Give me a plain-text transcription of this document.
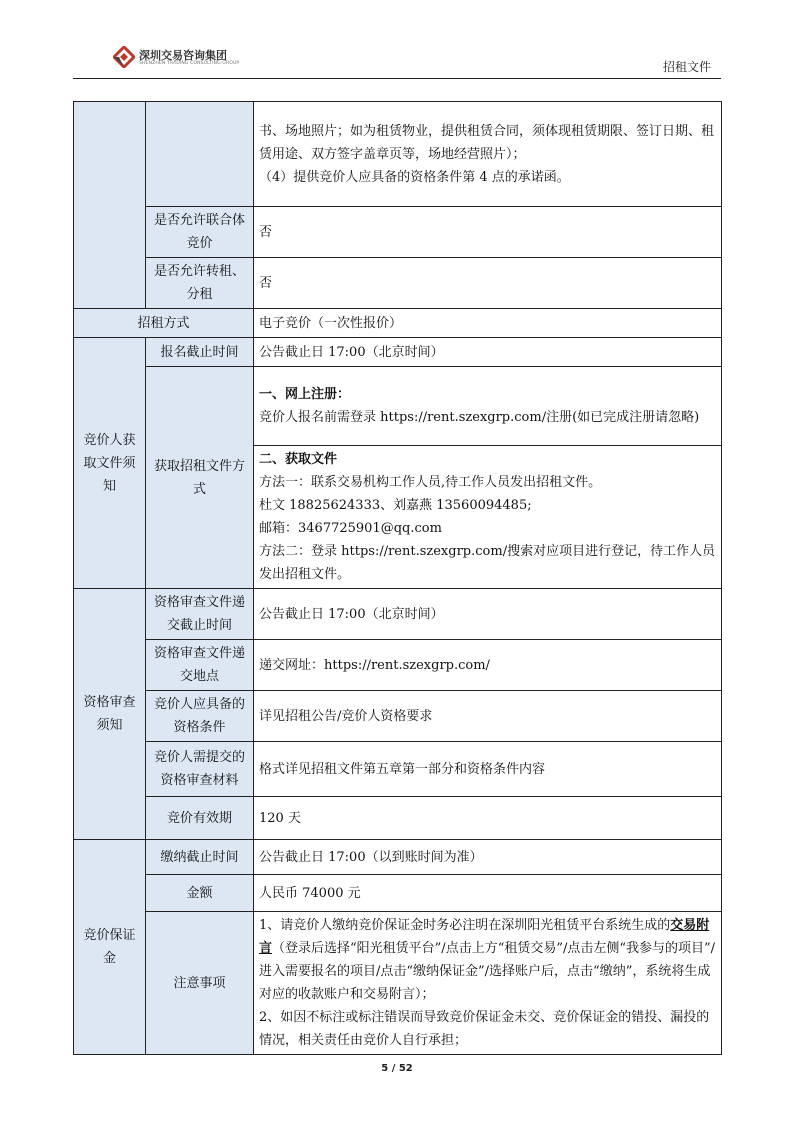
深圳交易咨询集团
SHENZHEN TRADING CONSULTING GROUP	招租文件

		书、场地照片；如为租赁物业，提供租赁合同，须体现租赁期限、签订日期、租赁用途、双方签字盖章页等，场地经营照片）；
（4）提供竞价人应具备的资格条件第 4 点的承诺函。

	是否允许联合体竞价	否
	是否允许转租、分租	否
招租方式		电子竞价（一次性报价）
竞价人获取文件须知	报名截止时间	公告截止日 17:00（北京时间）
	获取招租文件方式	一、网上注册：
竞价人报名前需登录 https://rent.szexgrp.com/注册(如已完成注册请忽略)

		二、获取文件
方法一：联系交易机构工作人员,待工作人员发出招租文件。
杜文 18825624333、刘嘉燕 13560094485;
邮箱：3467725901@qq.com
方法二：登录 https://rent.szexgrp.com/搜索对应项目进行登记，待工作人员发出招租文件。

资格审查须知	资格审查文件递交截止时间	公告截止日 17:00（北京时间）
	资格审查文件递交地点	递交网址：https://rent.szexgrp.com/
	竞价人应具备的资格条件	详见招租公告/竞价人资格要求
	竞价人需提交的资格审查材料	格式详见招租文件第五章第一部分和资格条件内容
	竞价有效期	120 天
竞价保证金	缴纳截止时间	公告截止日 17:00（以到账时间为准）
	金额	人民币 74000 元
	注意事项	1、请竞价人缴纳竞价保证金时务必注明在深圳阳光租赁平台系统生成的交易附言（登录后选择“阳光租赁平台”/点击上方“租赁交易”/点击左侧“我参与的项目”/进入需要报名的项目/点击“缴纳保证金”/选择账户后，点击“缴纳”，系统将生成对应的收款账户和交易附言）；
2、如因不标注或标注错误而导致竞价保证金未交、竞价保证金的错投、漏投的情况，相关责任由竞价人自行承担；
5 / 52
